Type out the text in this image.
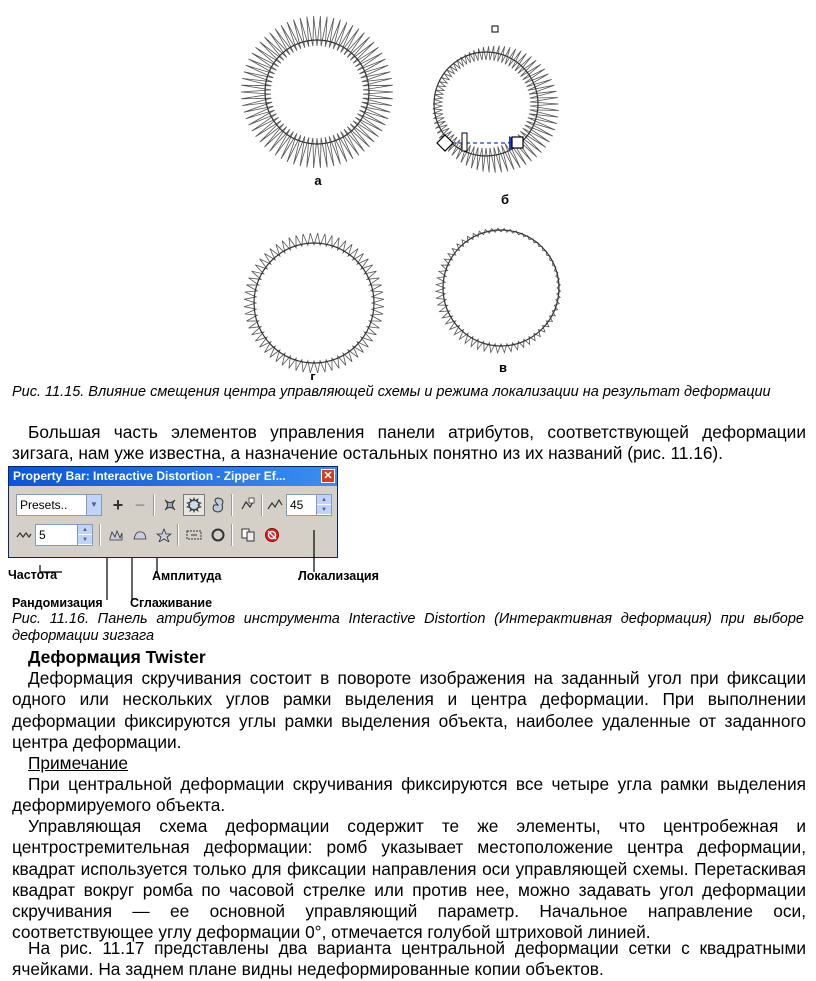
а
б
г
в
Рис. 11.15. Влияние смещения центра управляющей схемы и режима локализации на результат деформации
Большая часть элементов управления панели атрибутов, соответствующей деформации зигзага, нам уже известна, а назначение остальных понятно из их названий (рис. 11.16).
Property Bar: Interactive Distortion - Zipper Ef...	✕
Presets..	▼ + −	45	▲
▼
5	▲
▼
Частота	Амплитуда	Локализация
Рандомизация Сглаживание
Рис. 11.16. Панель атрибутов инструмента Interactive Distortion (Интерактивная деформация) при выборе деформации зигзага
Деформация Twister
Деформация скручивания состоит в повороте изображения на заданный угол при фиксации одного или нескольких углов рамки выделения и центра деформации. При выполнении деформации фиксируются углы рамки выделения объекта, наиболее удаленные от заданного центра деформации.
Примечание
При центральной деформации скручивания фиксируются все четыре угла рамки выделения деформируемого объекта.
Управляющая схема деформации содержит те же элементы, что центробежная и центростремительная деформации: ромб указывает местоположение центра деформации, квадрат используется только для фиксации направления оси управляющей схемы. Перетаскивая квадрат вокруг ромба по часовой стрелке или против нее, можно задавать угол деформации скручивания — ее основной управляющий параметр. Начальное направление оси, соответствующее углу деформации 0°, отмечается голубой штриховой линией.
На рис. 11.17 представлены два варианта центральной деформации сетки с квадратными ячейками. На заднем плане видны недеформированные копии объектов.
